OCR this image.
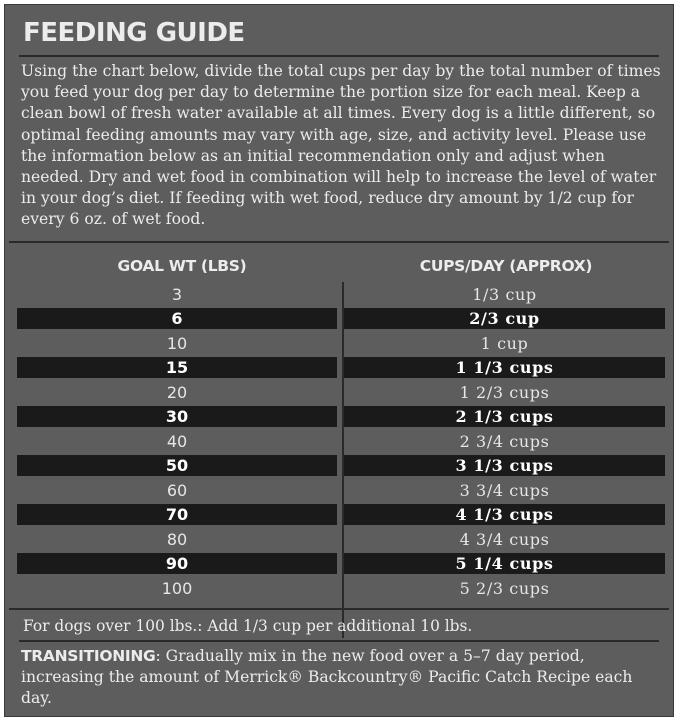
FEEDING GUIDE

Using the chart below, divide the total cups per day by the total number of times you feed your dog per day to determine the portion size for each meal. Keep a clean bowl of fresh water available at all times. Every dog is a little different, so optimal feeding amounts may vary with age, size, and activity level. Please use the information below as an initial recommendation only and adjust when needed. Dry and wet food in combination will help to increase the level of water in your dog’s diet. If feeding with wet food, reduce dry amount by 1/2 cup for every 6 oz. of wet food.

GOAL WT (LBS)	CUPS/DAY (APPROX)
3	1/3 cup
6	2/3 cup
10	1 cup
15	1 1/3 cups
20	1 2/3 cups
30	2 1/3 cups
40	2 3/4 cups
50	3 1/3 cups
60	3 3/4 cups
70	4 1/3 cups
80	4 3/4 cups
90	5 1/4 cups
100	5 2/3 cups

For dogs over 100 lbs.: Add 1/3 cup per additional 10 lbs.

TRANSITIONING: Gradually mix in the new food over a 5–7 day period, increasing the amount of Merrick® Backcountry® Pacific Catch Recipe each day.
